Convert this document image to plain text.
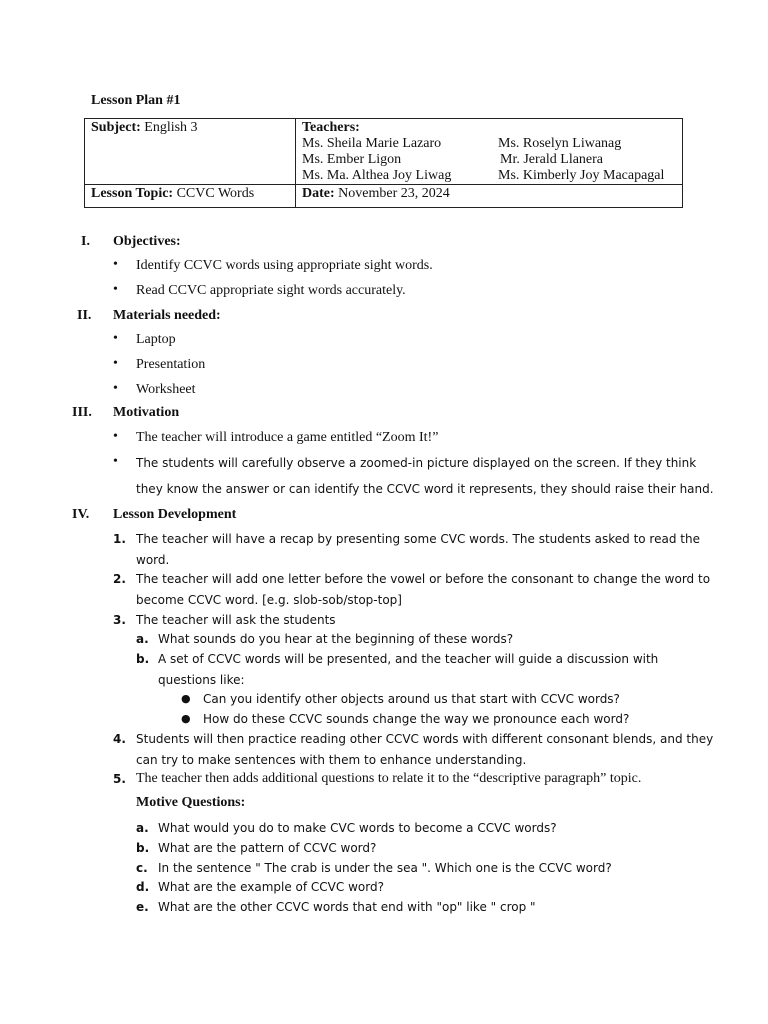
Lesson Plan #1
Subject: English 3	Teachers:
Ms. Sheila Marie Lazaro	Ms. Roselyn Liwanag
Ms. Ember Ligon	Mr. Jerald Llanera
Ms. Ma. Althea Joy Liwag	Ms. Kimberly Joy Macapagal
Lesson Topic: CCVC Words	Date: November 23, 2024
I. Objectives:
• Identify CCVC words using appropriate sight words.
• Read CCVC appropriate sight words accurately.
II. Materials needed:
• Laptop
• Presentation
• Worksheet
III. Motivation
• The teacher will introduce a game entitled “Zoom It!”
• The students will carefully observe a zoomed-in picture displayed on the screen. If they think
they know the answer or can identify the CCVC word it represents, they should raise their hand.
IV. Lesson Development
1. The teacher will have a recap by presenting some CVC words. The students asked to read the
word.
2. The teacher will add one letter before the vowel or before the consonant to change the word to
become CCVC word. [e.g. slob-sob/stop-top]
3. The teacher will ask the students
a. What sounds do you hear at the beginning of these words?
b. A set of CCVC words will be presented, and the teacher will guide a discussion with
questions like:
● Can you identify other objects around us that start with CCVC words?
● How do these CCVC sounds change the way we pronounce each word?
4. Students will then practice reading other CCVC words with different consonant blends, and they
can try to make sentences with them to enhance understanding.
5. The teacher then adds additional questions to relate it to the “descriptive paragraph” topic.
Motive Questions:
a. What would you do to make CVC words to become a CCVC words?
b. What are the pattern of CCVC word?
c. In the sentence " The crab is under the sea ". Which one is the CCVC word?
d. What are the example of CCVC word?
e. What are the other CCVC words that end with "op" like " crop "
